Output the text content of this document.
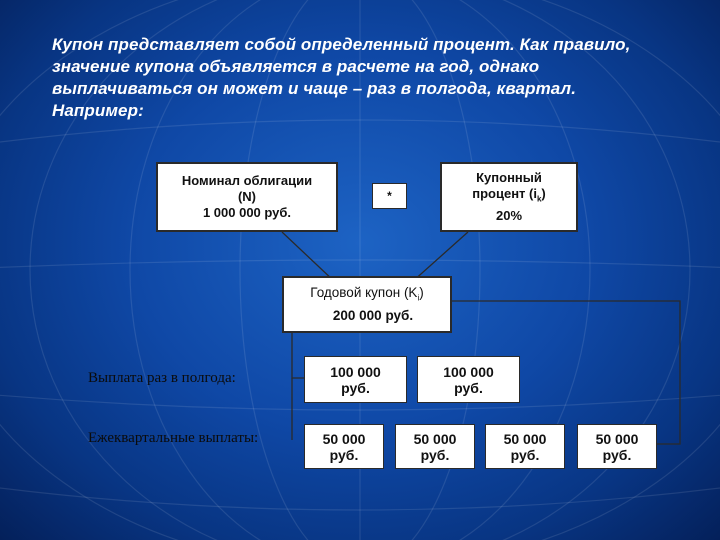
Купон представляет собой определенный процент. Как правило, значение купона объявляется в расчете на год, однако выплачиваться он может и чаще – раз в полгода, квартал. Например:
Номинал облигации
(N)
1 000 000 руб.
*
Купонный
процент $(i_k)$
20%
Годовой купон $(K_i)$
200 000 руб.
Выплата раз в полгода:	100 000
руб.
100 000
руб.
Ежеквартальные выплаты:	50 000
руб.
50 000
руб.
50 000
руб.
50 000
руб.
